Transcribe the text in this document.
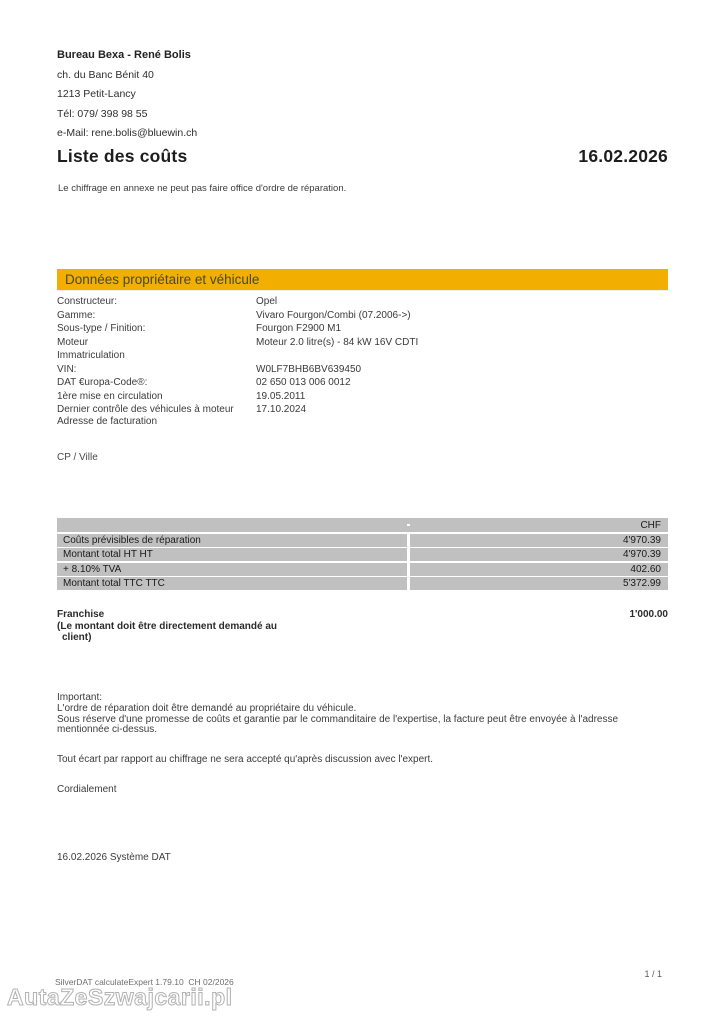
Bureau Bexa - René Bolis
ch. du Banc Bénit 40
1213 Petit-Lancy
Tél: 079/ 398 98 55
e-Mail: rene.bolis@bluewin.ch
Liste des coûts	16.02.2026
Le chiffrage en annexe ne peut pas faire office d'ordre de réparation.
Données propriétaire et véhicule
Constructeur:	Opel
Gamme:	Vivaro Fourgon/Combi (07.2006->)
Sous-type / Finition:	Fourgon F2900 M1
Moteur	Moteur 2.0 litre(s) - 84 kW 16V CDTI
Immatriculation
VIN:	W0LF7BHB6BV639450
DAT €uropa-Code®:	02 650 013 006 0012
1ère mise en circulation	19.05.2011
Dernier contrôle des véhicules à moteur	17.10.2024
Adresse de facturation
CP / Ville
CHF
Coûts prévisibles de réparation	4'970.39
Montant total HT HT	4'970.39
+ 8.10% TVA	402.60
Montant total TTC TTC	5'372.99
Franchise	1'000.00
(Le montant doit être directement demandé au
client)
Important:
L'ordre de réparation doit être demandé au propriétaire du véhicule.
Sous réserve d'une promesse de coûts et garantie par le commanditaire de l'expertise, la facture peut être envoyée à l'adresse mentionnée ci-dessus.
Tout écart par rapport au chiffrage ne sera accepté qu'après discussion avec l'expert.
Cordialement
16.02.2026 Système DAT
SilverDAT calculateExpert 1.79.10  CH 02/2026
1 / 1
AutaZeSzwajcarii.pl
